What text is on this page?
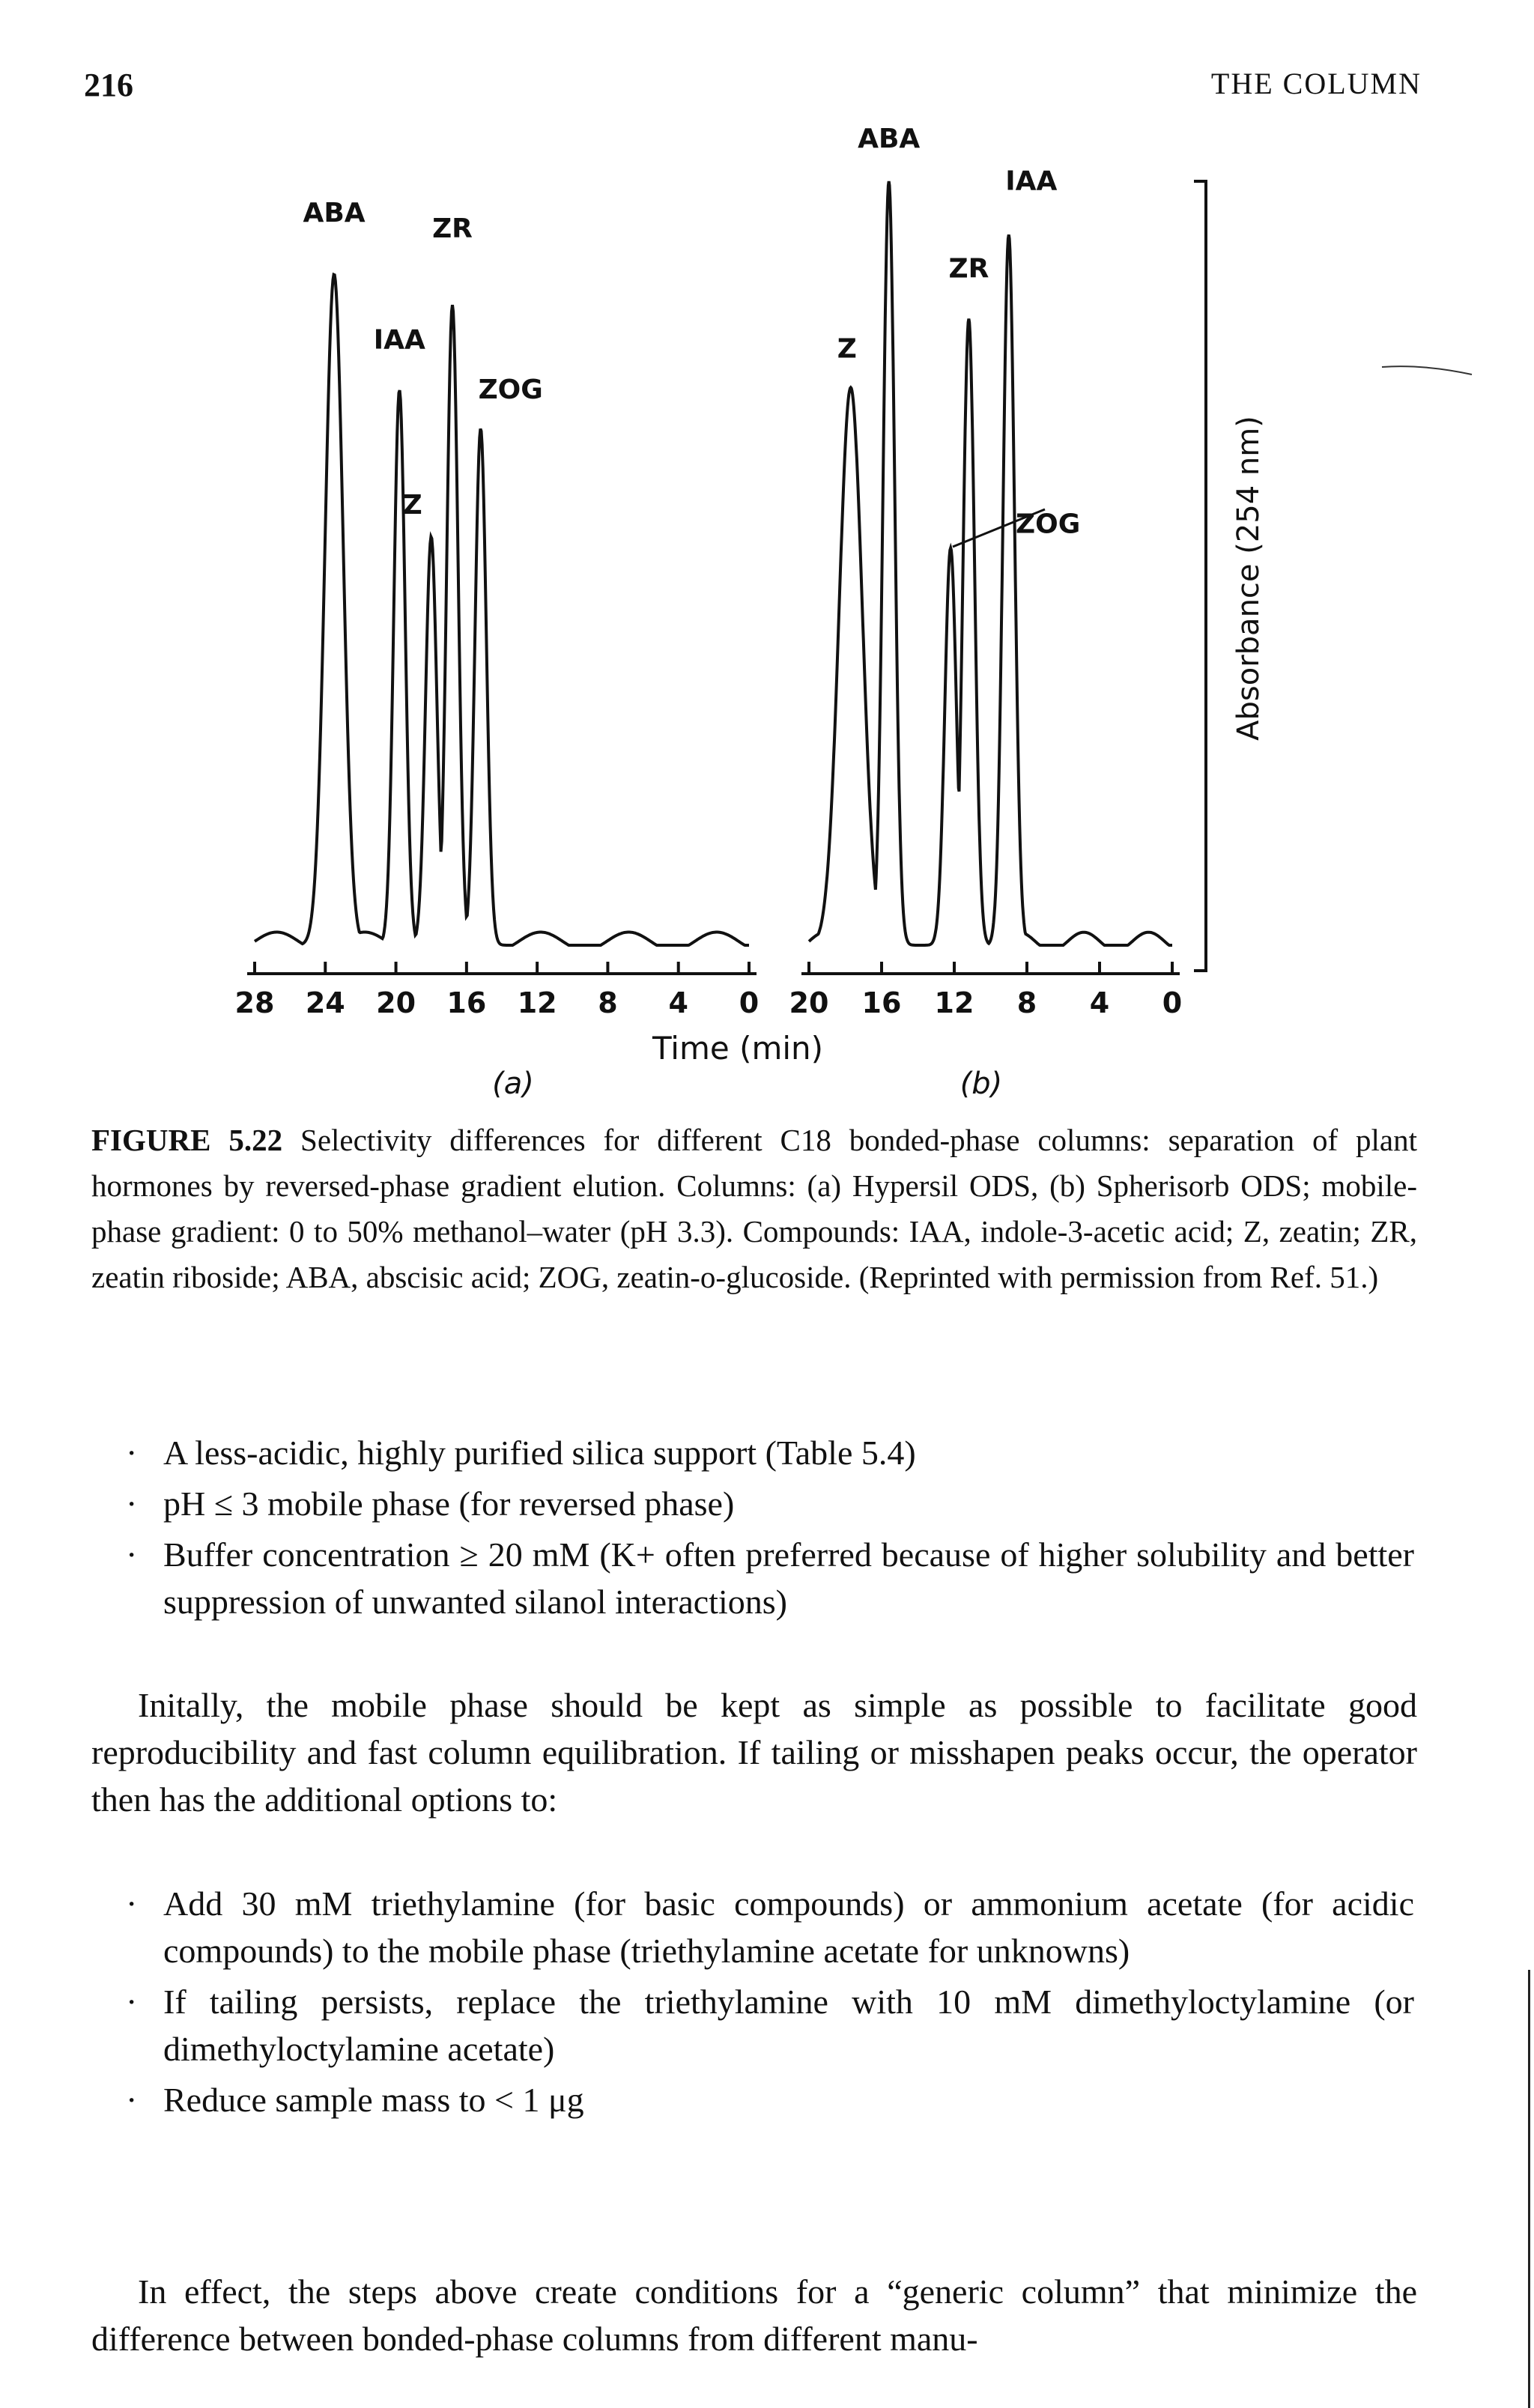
216	THE COLUMN
ABA
IAA
Z
ZR
ZOG
28 24 20 16 12 8 4 0
Z
ABA
ZOG
ZR
IAA
20 16 12 8 4 0
Absorbance (254 nm)
Time (min)
(a)	(b)
FIGURE 5.22 Selectivity differences for different C18 bonded-phase columns: separation of plant hormones by reversed-phase gradient elution. Columns: (a) Hypersil ODS, (b) Spherisorb ODS; mobile-phase gradient: 0 to 50% methanol–water (pH 3.3). Compounds: IAA, indole-3-acetic acid; Z, zeatin; ZR, zeatin riboside; ABA, abscisic acid; ZOG, zeatin-o-glucoside. (Reprinted with permission from Ref. 51.)
· A less-acidic, highly purified silica support (Table 5.4)
· pH ≤ 3 mobile phase (for reversed phase)
· Buffer concentration ≥ 20 mM (K+ often preferred because of higher solubility and better suppression of unwanted silanol interactions)

Initally, the mobile phase should be kept as simple as possible to facilitate good reproducibility and fast column equilibration. If tailing or misshapen peaks occur, the operator then has the additional options to:

· Add 30 mM triethylamine (for basic compounds) or ammonium acetate (for acidic compounds) to the mobile phase (triethylamine acetate for unknowns)
· If tailing persists, replace the triethylamine with 10 mM dimethyloctylamine (or dimethyloctylamine acetate)
· Reduce sample mass to < 1 μg

In effect, the steps above create conditions for a “generic column” that minimize the difference between bonded-phase columns from different manu-
